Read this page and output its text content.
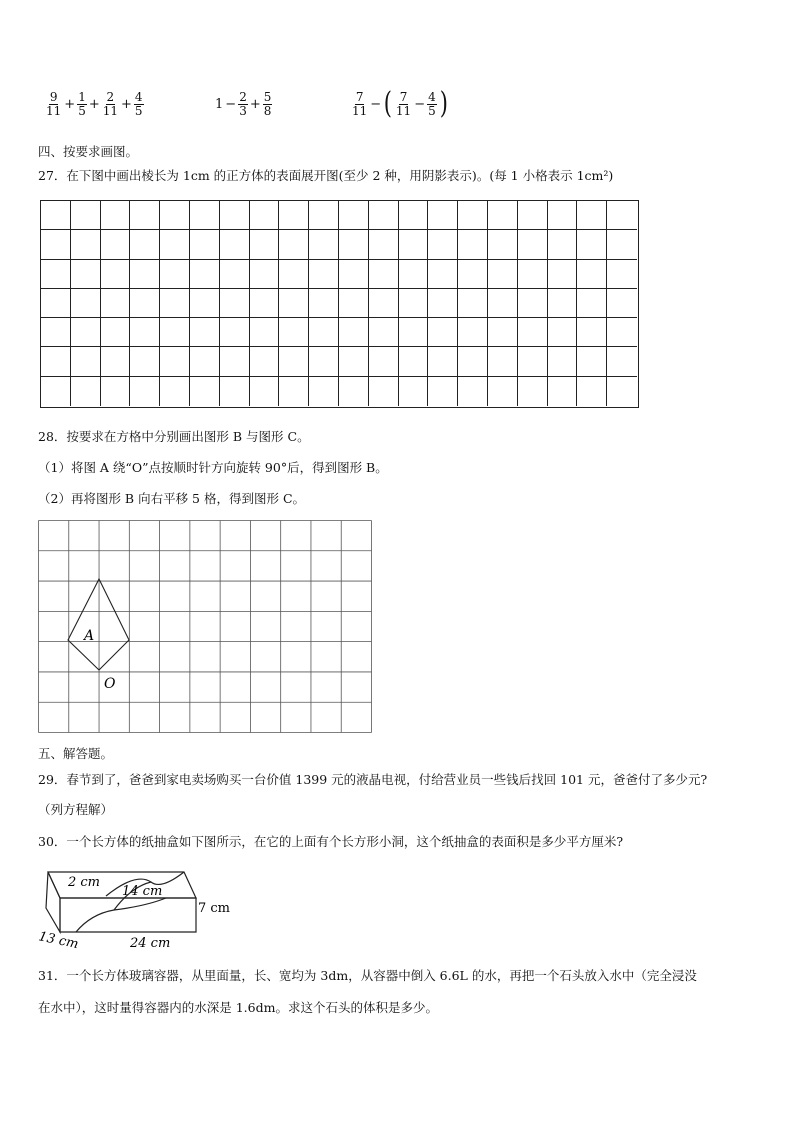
$\frac{9}{11} + \frac{1}{5} + \frac{2}{11} + \frac{4}{5}$	$1 - \frac{2}{3} + \frac{5}{8}$	$\frac{7}{11}$ − ( $\frac{7}{11} - \frac{4}{5}$ )
四、按要求画图。
27．在下图中画出棱长为 1cm 的正方体的表面展开图(至少 2 种，用阴影表示)。(每 1 小格表示 1cm²)
28．按要求在方格中分别画出图形 B 与图形 C。
（1）将图 A 绕“O”点按顺时针方向旋转 90°后，得到图形 B。
（2）再将图形 B 向右平移 5 格，得到图形 C。
A
O
五、解答题。
29．春节到了，爸爸到家电卖场购买一台价值 1399 元的液晶电视，付给营业员一些钱后找回 101 元，爸爸付了多少元?
（列方程解）
30．一个长方体的纸抽盒如下图所示，在它的上面有个长方形小洞，这个纸抽盒的表面积是多少平方厘米?
2 cm
14 cm
7 cm
13 cm	24 cm
31．一个长方体玻璃容器，从里面量，长、宽均为 3dm，从容器中倒入 6.6L 的水，再把一个石头放入水中（完全浸没
在水中），这时量得容器内的水深是 1.6dm。求这个石头的体积是多少。
